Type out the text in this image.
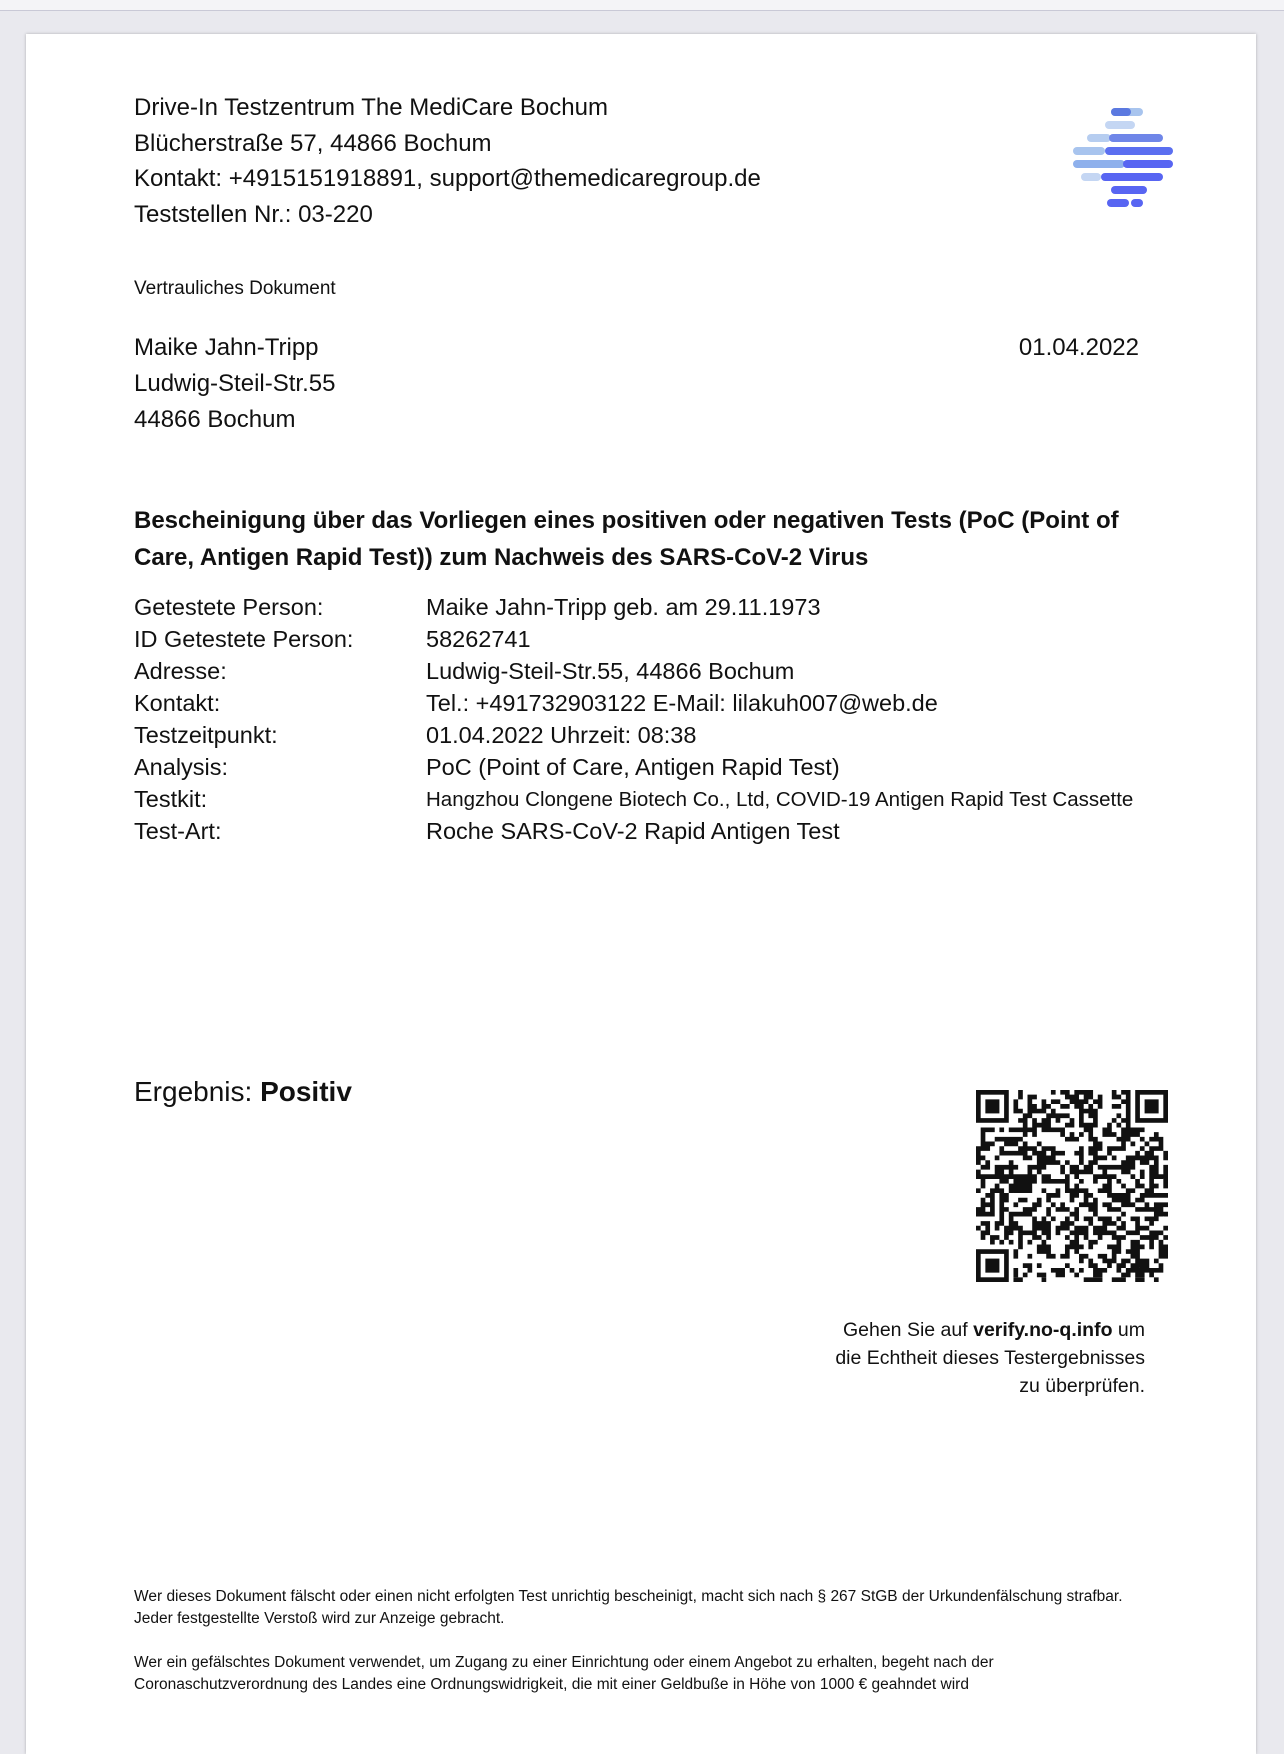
Drive-In Testzentrum The MediCare Bochum
Blücherstraße 57, 44866 Bochum
Kontakt: +4915151918891, support@themedicaregroup.de
Teststellen Nr.: 03-220
Vertrauliches Dokument
Maike Jahn-Tripp
Ludwig-Steil-Str.55
44866 Bochum
01.04.2022
Bescheinigung über das Vorliegen eines positiven oder negativen Tests (PoC (Point of Care, Antigen Rapid Test)) zum Nachweis des SARS-CoV-2 Virus
Getestete Person:	Maike Jahn-Tripp geb. am 29.11.1973
ID Getestete Person:	58262741
Adresse:	Ludwig-Steil-Str.55, 44866 Bochum
Kontakt:	Tel.: +491732903122 E-Mail: lilakuh007@web.de
Testzeitpunkt:	01.04.2022 Uhrzeit: 08:38
Analysis:	PoC (Point of Care, Antigen Rapid Test)
Testkit:	Hangzhou Clongene Biotech Co., Ltd, COVID-19 Antigen Rapid Test Cassette
Test-Art:	Roche SARS-CoV-2 Rapid Antigen Test
Ergebnis: Positiv
Gehen Sie auf verify.no-q.info um
die Echtheit dieses Testergebnisses
zu überprüfen.
Wer dieses Dokument fälscht oder einen nicht erfolgten Test unrichtig bescheinigt, macht sich nach § 267 StGB der Urkundenfälschung strafbar. Jeder festgestellte Verstoß wird zur Anzeige gebracht.
Wer ein gefälschtes Dokument verwendet, um Zugang zu einer Einrichtung oder einem Angebot zu erhalten, begeht nach der Coronaschutzverordnung des Landes eine Ordnungswidrigkeit, die mit einer Geldbuße in Höhe von 1000 € geahndet wird
